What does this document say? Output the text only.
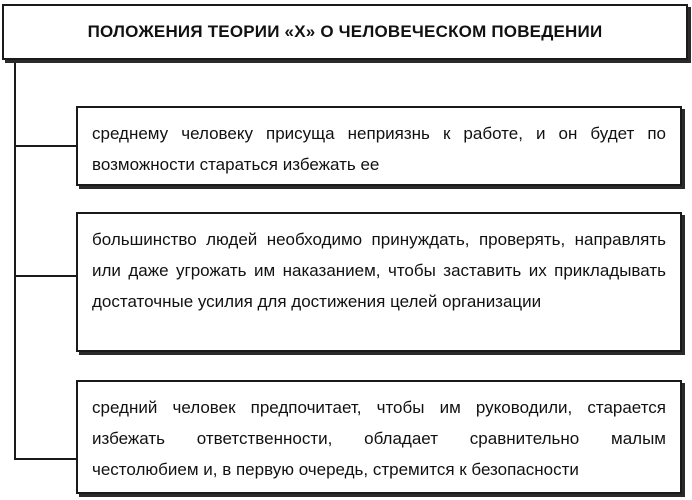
ПОЛОЖЕНИЯ ТЕОРИИ «Х» О ЧЕЛОВЕЧЕСКОМ ПОВЕДЕНИИ

среднему человеку присуща неприязнь к работе, и он будет по возможности стараться избежать ее

большинство людей необходимо принуждать, проверять, направлять или даже угрожать им наказанием, чтобы заставить их прикладывать достаточные усилия для достижения целей организации

средний человек предпочитает, чтобы им руководили, старается избежать ответственности, обладает сравнительно малым честолюбием и, в первую очередь, стремится к безопасности
